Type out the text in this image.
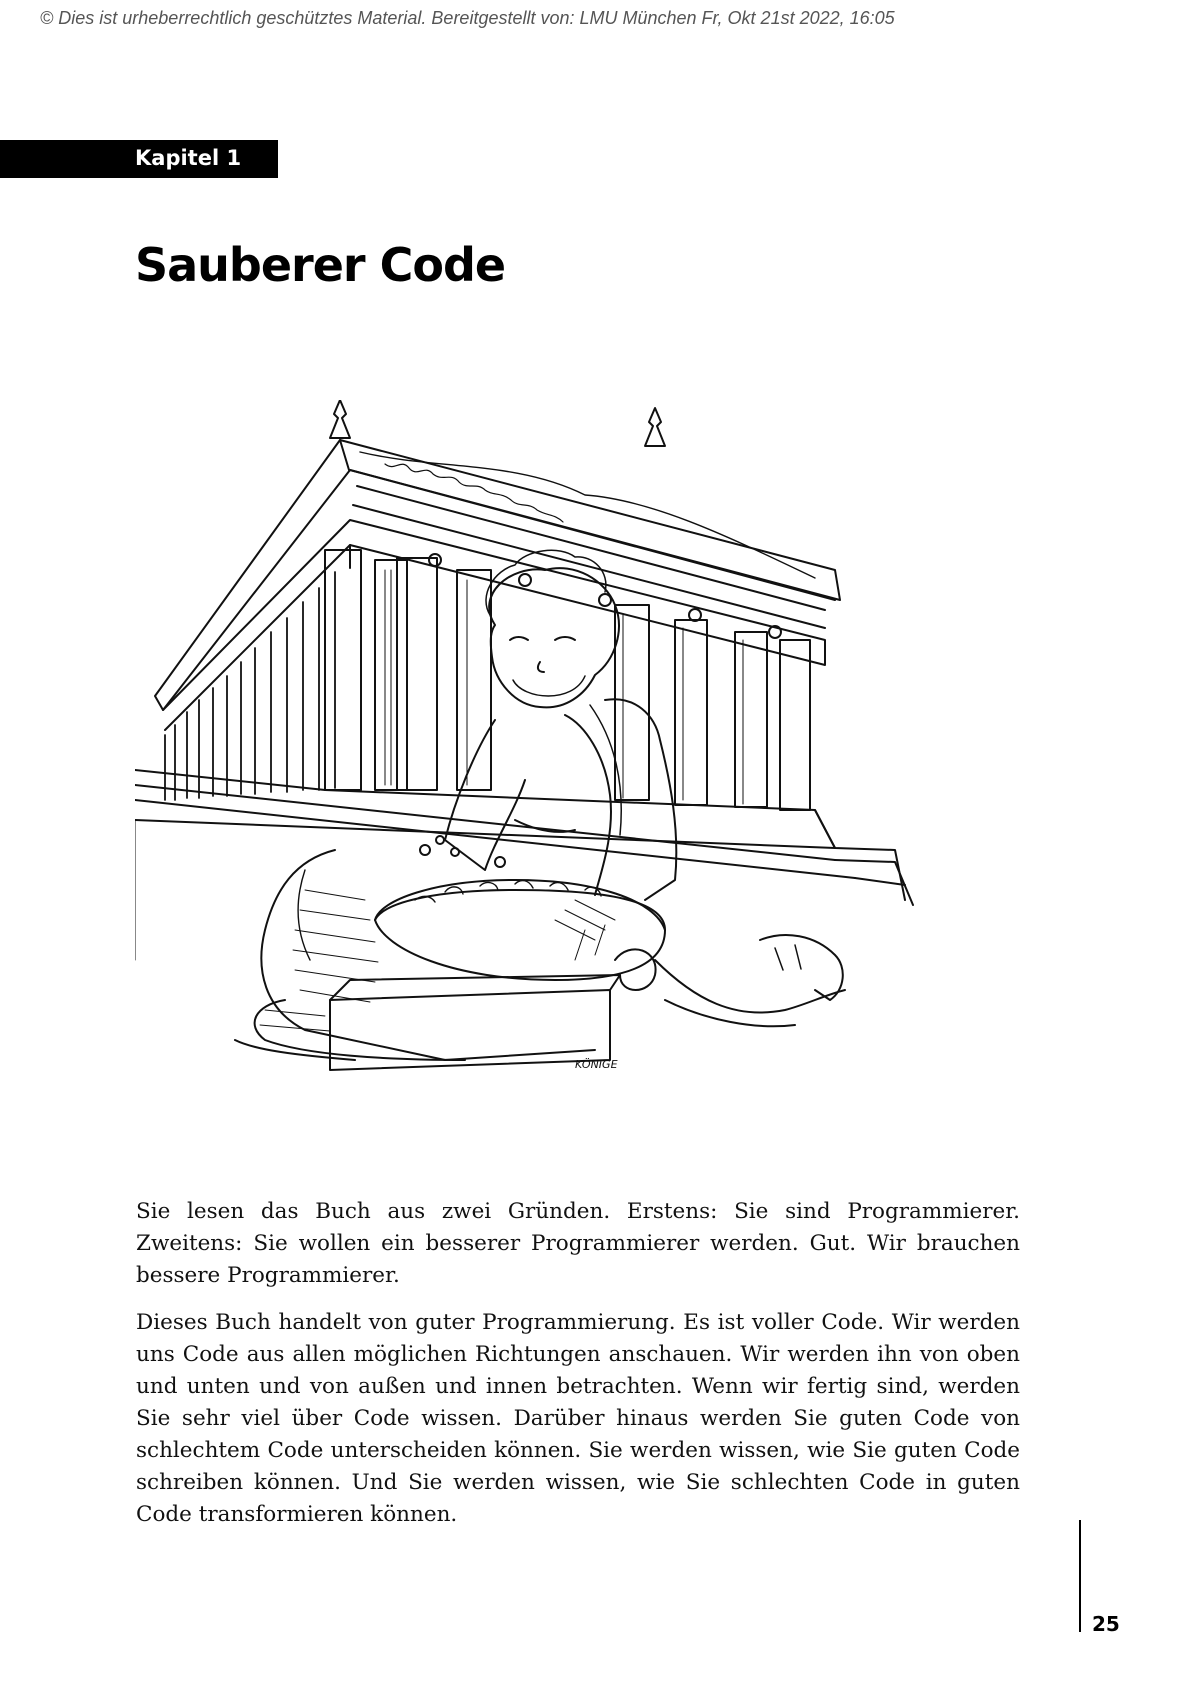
© Dies ist urheberrechtlich geschütztes Material. Bereitgestellt von: LMU München Fr, Okt 21st 2022, 16:05
Kapitel 1
Sauberer Code
KÖNIGE

Sie lesen das Buch aus zwei Gründen. Erstens: Sie sind Programmierer. Zweitens: Sie wollen ein besserer Programmierer werden. Gut. Wir brauchen bessere Programmierer.

Dieses Buch handelt von guter Programmierung. Es ist voller Code. Wir werden uns Code aus allen möglichen Richtungen anschauen. Wir werden ihn von oben und unten und von außen und innen betrachten. Wenn wir fertig sind, werden Sie sehr viel über Code wissen. Darüber hinaus werden Sie guten Code von schlechtem Code unterscheiden können. Sie werden wissen, wie Sie guten Code schreiben können. Und Sie werden wissen, wie Sie schlechten Code in guten Code transformieren können.

25
